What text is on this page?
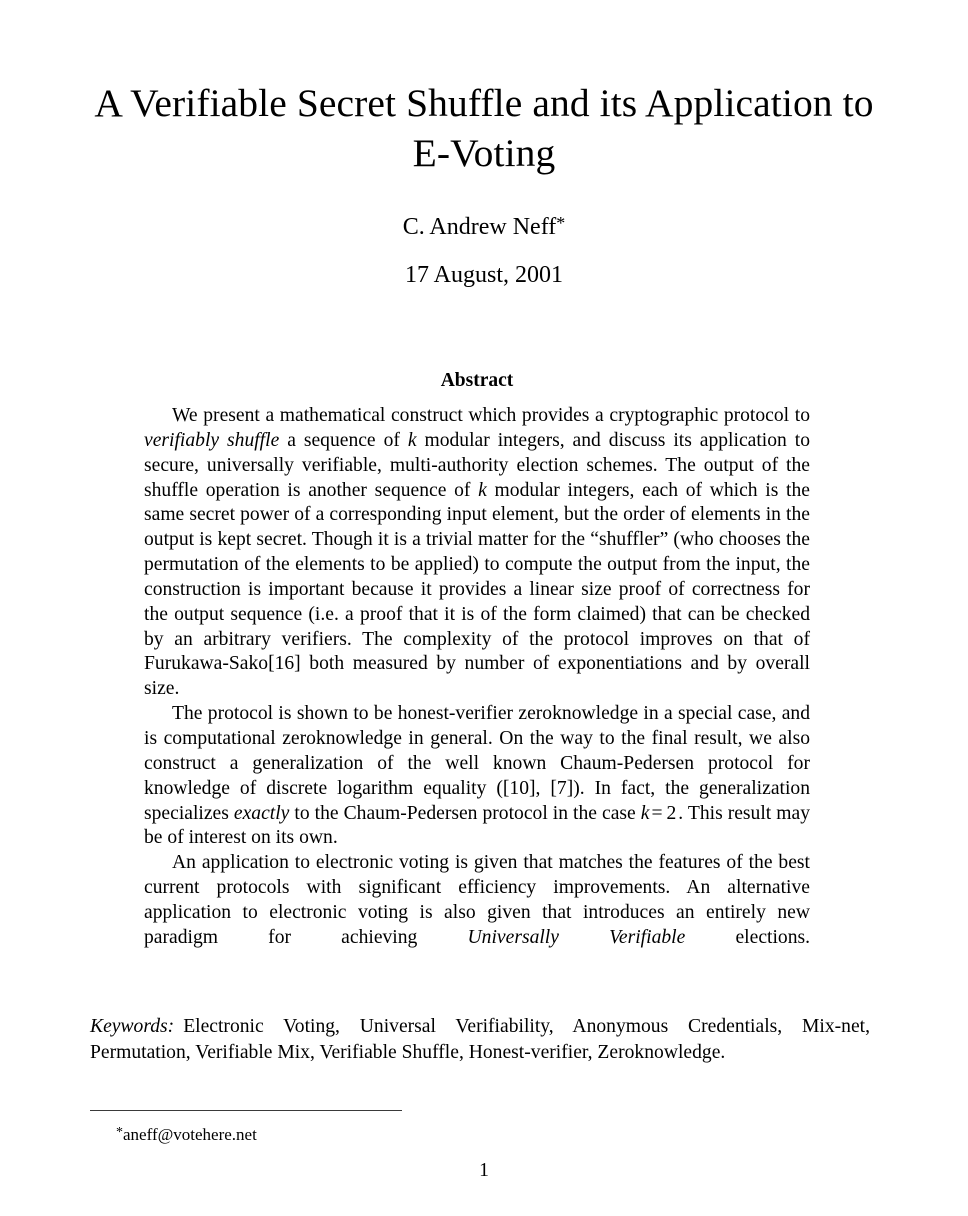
A Verifiable Secret Shuffle and its Application to
E-Voting
C. Andrew Neff*
17 August, 2001
Abstract

We present a mathematical construct which provides a cryptographic protocol to verifiably shuffle a sequence of k modular integers, and discuss its application to secure, universally verifiable, multi-authority election schemes. The output of the shuffle operation is another sequence of k modular integers, each of which is the same secret power of a corresponding input element, but the order of elements in the output is kept secret. Though it is a trivial matter for the “shuffler” (who chooses the permutation of the elements to be applied) to compute the output from the input, the construction is important because it provides a linear size proof of correctness for the output sequence (i.e. a proof that it is of the form claimed) that can be checked by an arbitrary verifiers. The complexity of the protocol improves on that of Furukawa-Sako[16] both measured by number of exponentiations and by overall size.

The protocol is shown to be honest-verifier zeroknowledge in a special case, and is computational zeroknowledge in general. On the way to the final result, we also construct a generalization of the well known Chaum-Pedersen protocol for knowledge of discrete logarithm equality ([10], [7]). In fact, the generalization specializes exactly to the Chaum-Pedersen protocol in the case k = 2 . This result may be of interest on its own.

An application to electronic voting is given that matches the features of the best current protocols with significant efficiency improvements. An alternative application to electronic voting is also given that introduces an entirely new paradigm for achieving Universally Verifiable elections.

Keywords: Electronic Voting, Universal Verifiability, Anonymous Credentials, Mix-net, Permutation, Verifiable Mix, Verifiable Shuffle, Honest-verifier, Zeroknowledge.
*aneff@votehere.net
1
